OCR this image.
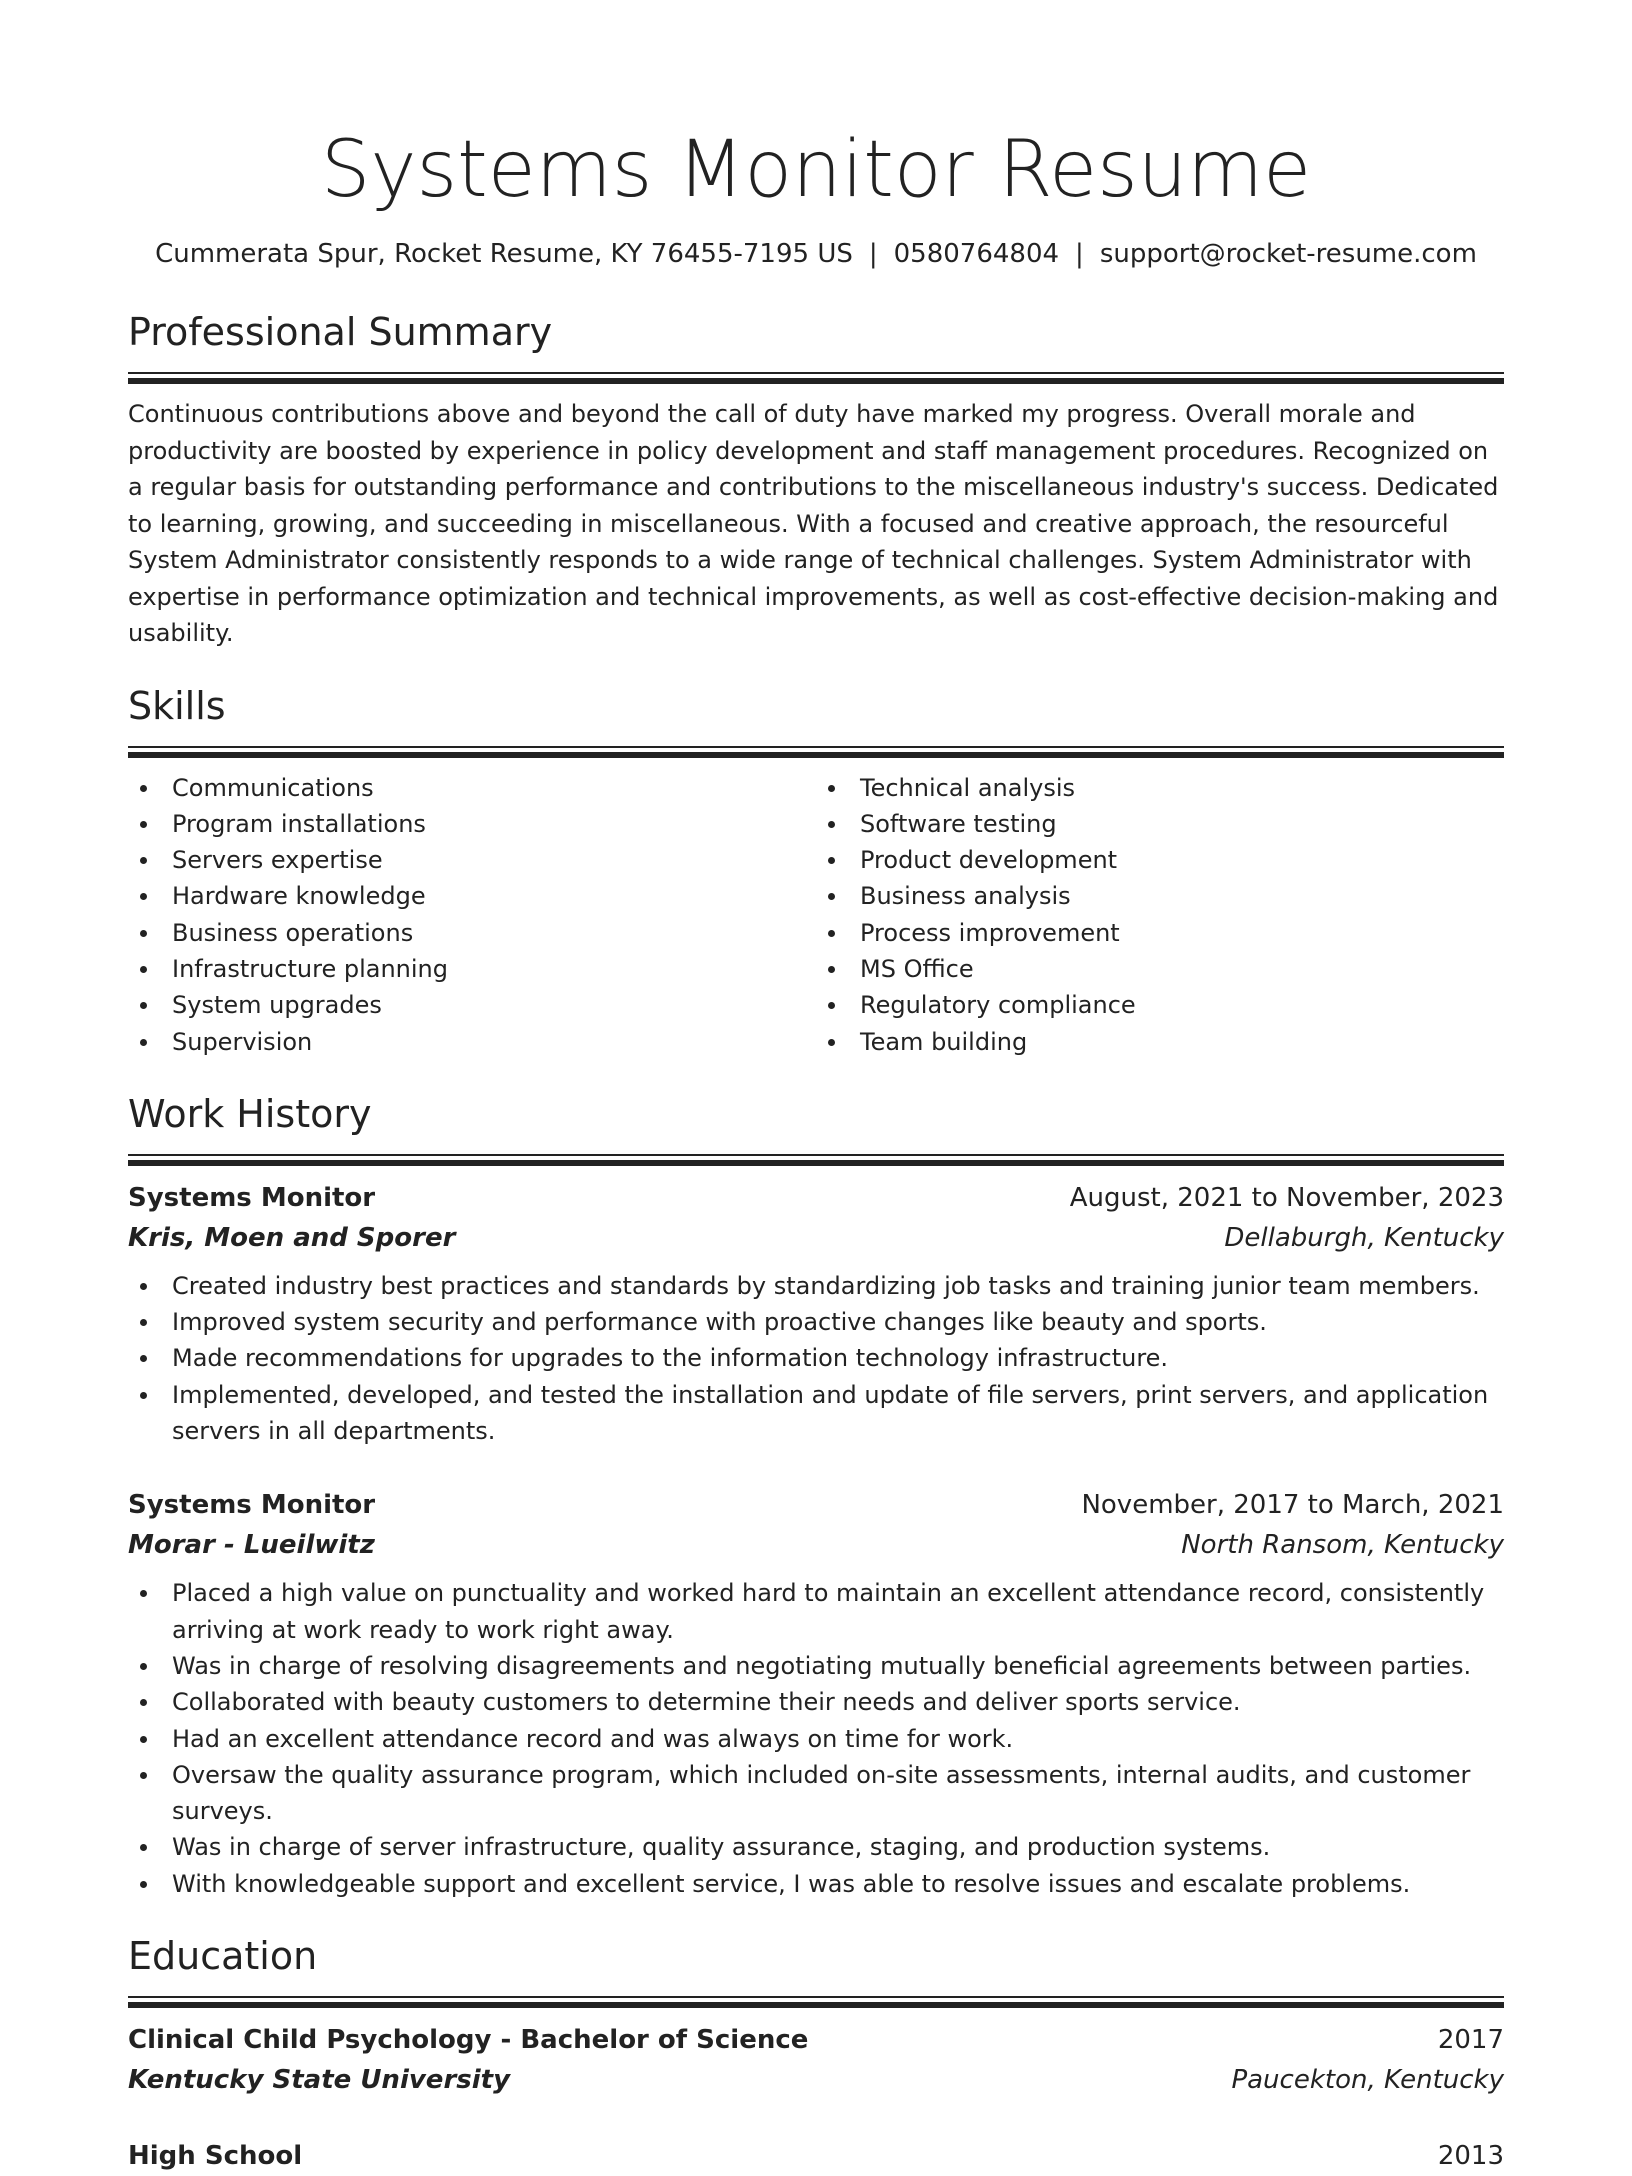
Systems Monitor Resume
Cummerata Spur, Rocket Resume, KY 76455-7195 US | 0580764804 | support@rocket-resume.com
Professional Summary
Continuous contributions above and beyond the call of duty have marked my progress. Overall morale and productivity are boosted by experience in policy development and staff management procedures. Recognized on a regular basis for outstanding performance and contributions to the miscellaneous industry's success. Dedicated to learning, growing, and succeeding in miscellaneous. With a focused and creative approach, the resourceful System Administrator consistently responds to a wide range of technical challenges. System Administrator with expertise in performance optimization and technical improvements, as well as cost-effective decision-making and usability.
Skills
Communications
Program installations
Servers expertise
Hardware knowledge
Business operations
Infrastructure planning
System upgrades
Supervision
Technical analysis
Software testing
Product development
Business analysis
Process improvement
MS Office
Regulatory compliance
Team building
Work History
Systems Monitor	August, 2021 to November, 2023
Kris, Moen and Sporer	Dellaburgh, Kentucky
Created industry best practices and standards by standardizing job tasks and training junior team members.
Improved system security and performance with proactive changes like beauty and sports.
Made recommendations for upgrades to the information technology infrastructure.
Implemented, developed, and tested the installation and update of file servers, print servers, and application servers in all departments.
Systems Monitor	November, 2017 to March, 2021
Morar - Lueilwitz	North Ransom, Kentucky
Placed a high value on punctuality and worked hard to maintain an excellent attendance record, consistently arriving at work ready to work right away.
Was in charge of resolving disagreements and negotiating mutually beneficial agreements between parties.
Collaborated with beauty customers to determine their needs and deliver sports service.
Had an excellent attendance record and was always on time for work.
Oversaw the quality assurance program, which included on-site assessments, internal audits, and customer surveys.
Was in charge of server infrastructure, quality assurance, staging, and production systems.
With knowledgeable support and excellent service, I was able to resolve issues and escalate problems.
Education
Clinical Child Psychology - Bachelor of Science	2017
Kentucky State University	Paucekton, Kentucky
High School	2013
